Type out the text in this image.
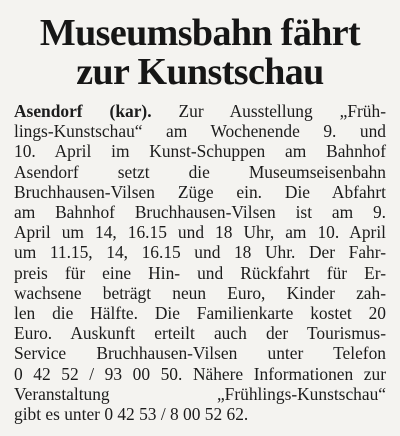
Museumsbahn fährt
zur Kunstschau
Asendorf (kar). Zur Ausstellung „Früh-
lings-Kunstschau“ am Wochenende 9. und
10. April im Kunst-Schuppen am Bahnhof
Asendorf setzt die Museumseisenbahn
Bruchhausen-Vilsen Züge ein. Die Abfahrt
am Bahnhof Bruchhausen-Vilsen ist am 9.
April um 14, 16.15 und 18 Uhr, am 10. April
um 11.15, 14, 16.15 und 18 Uhr. Der Fahr-
preis für eine Hin- und Rückfahrt für Er-
wachsene beträgt neun Euro, Kinder zah-
len die Hälfte. Die Familienkarte kostet 20
Euro. Auskunft erteilt auch der Tourismus-
Service Bruchhausen-Vilsen unter Telefon
0 42 52 / 93 00 50. Nähere Informationen zur
Veranstaltung „Frühlings-Kunstschau“
gibt es unter 0 42 53 / 8 00 52 62.
